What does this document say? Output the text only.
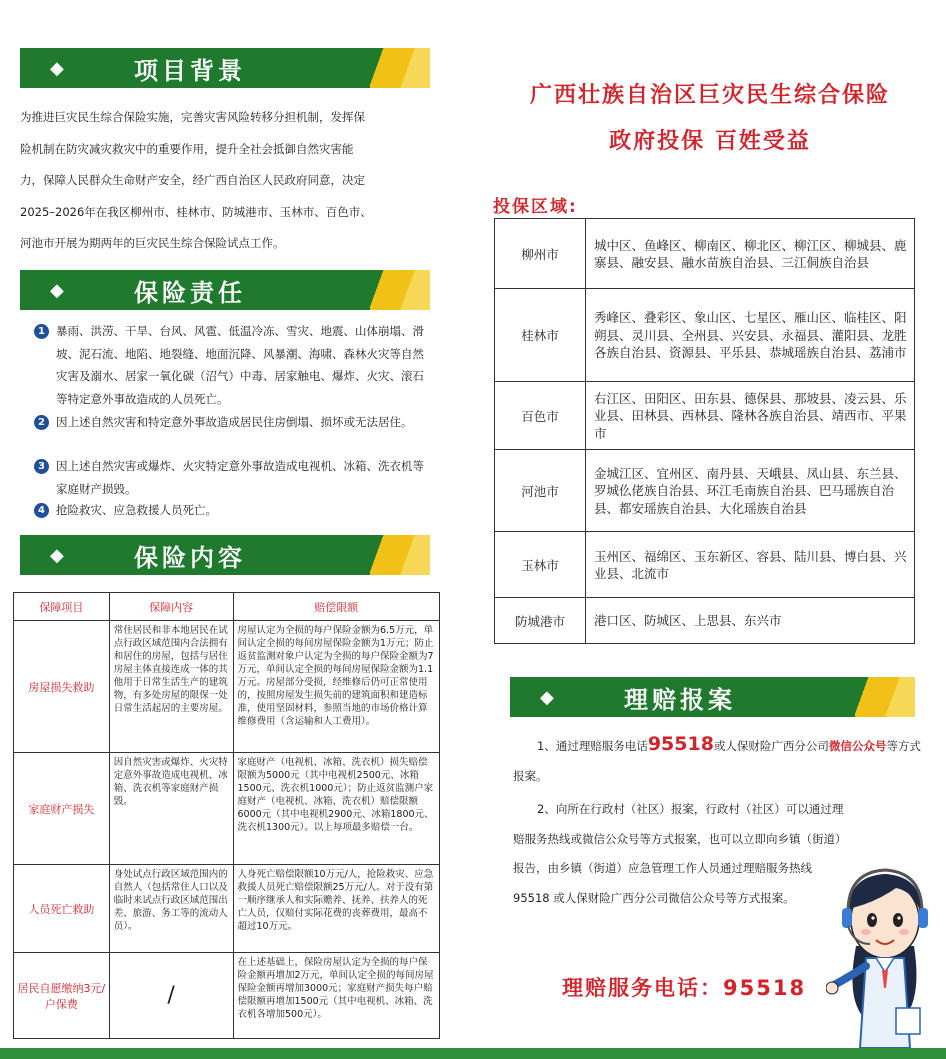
◆	项目背景
为推进巨灾民生综合保险实施，完善灾害风险转移分担机制，发挥保
险机制在防灾减灾救灾中的重要作用，提升全社会抵御自然灾害能
力，保障人民群众生命财产安全，经广西自治区人民政府同意，决定
2025–2026年在我区柳州市、桂林市、防城港市、玉林市、百色市、
河池市开展为期两年的巨灾民生综合保险试点工作。
◆	保险责任
1 暴雨、洪涝、干旱、台风、风雹、低温冷冻、雪灾、地震、山体崩塌、滑坡、泥石流、地陷、地裂缝、地面沉降、风暴潮、海啸、森林火灾等自然灾害及溺水、居家一氧化碳（沼气）中毒、居家触电、爆炸、火灾、滚石等特定意外事故造成的人员死亡。
2 因上述自然灾害和特定意外事故造成居民住房倒塌、损坏或无法居住。
3 因上述自然灾害或爆炸、火灾特定意外事故造成电视机、冰箱、洗衣机等家庭财产损毁。
4 抢险救灾、应急救援人员死亡。
◆	保险内容
保障项目	保障内容	赔偿限额
房屋损失救助	常住居民和非本地居民在试点行政区域范围内合法拥有和居住的房屋，包括与居住房屋主体直接连成一体的其他用于日常生活生产的建筑物，有多处房屋的限保一处日常生活起居的主要房屋。	房屋认定为全损的每户保险金额为6.5万元，单间认定全损的每间房屋保险金额为1万元；防止返贫监测对象户认定为全损的每户保险金额为7万元，单间认定全损的每间房屋保险金额为1.1万元。房屋部分受损，经维修后仍可正常使用的，按照房屋发生损失前的建筑面积和建造标准，使用坚固材料，参照当地的市场价格计算维修费用（含运输和人工费用）。
家庭财产损失	因自然灾害或爆炸、火灾特定意外事故造成电视机、冰箱、洗衣机等家庭财产损毁。	家庭财产（电视机、冰箱、洗衣机）损失赔偿限额为5000元（其中电视机2500元、冰箱1500元、洗衣机1000元）；防止返贫监测户家庭财产（电视机、冰箱、洗衣机）赔偿限额6000元（其中电视机2900元、冰箱1800元、洗衣机1300元）。以上每项最多赔偿一台。
人员死亡救助	身处试点行政区域范围内的自然人（包括常住人口以及临时来试点行政区域范围出差、旅游、务工等的流动人员）。	人身死亡赔偿限额10万元/人，抢险救灾、应急救援人员死亡赔偿限额25万元/人。对于没有第一顺序继承人和实际赡养、抚养、扶养人的死亡人员，仅赔付实际花费的丧葬费用，最高不超过10万元。
居民自愿缴纳3元/户保费	/	在上述基础上，保险房屋认定为全损的每户保险金额再增加2万元，单间认定全损的每间房屋保险金额再增加3000元；家庭财产损失每户赔偿限额再增加1500元（其中电视机、冰箱、洗衣机各增加500元）。
广西壮族自治区巨灾民生综合保险
政府投保 百姓受益
投保区域:
柳州市	城中区、鱼峰区、柳南区、柳北区、柳江区、柳城县、鹿寨县、融安县、融水苗族自治县、三江侗族自治县
桂林市	秀峰区、叠彩区、象山区、七星区、雁山区、临桂区、阳朔县、灵川县、全州县、兴安县、永福县、灌阳县、龙胜各族自治县、资源县、平乐县、恭城瑶族自治县、荔浦市
百色市	右江区、田阳区、田东县、德保县、那坡县、凌云县、乐业县、田林县、西林县、隆林各族自治县、靖西市、平果市
河池市	金城江区、宜州区、南丹县、天峨县、凤山县、东兰县、罗城仫佬族自治县、环江毛南族自治县、巴马瑶族自治县、都安瑶族自治县、大化瑶族自治县
玉林市	玉州区、福绵区、玉东新区、容县、陆川县、博白县、兴业县、北流市
防城港市	港口区、防城区、上思县、东兴市
◆	理赔报案
1、通过理赔服务电话95518或人保财险广西分公司微信公众号等方式报案。
2、向所在行政村（社区）报案，行政村（社区）可以通过理赔服务热线或微信公众号等方式报案，也可以立即向乡镇（街道）报告，由乡镇（街道）应急管理工作人员通过理赔服务热线 95518 或人保财险广西分公司微信公众号等方式报案。
理赔服务电话：95518
